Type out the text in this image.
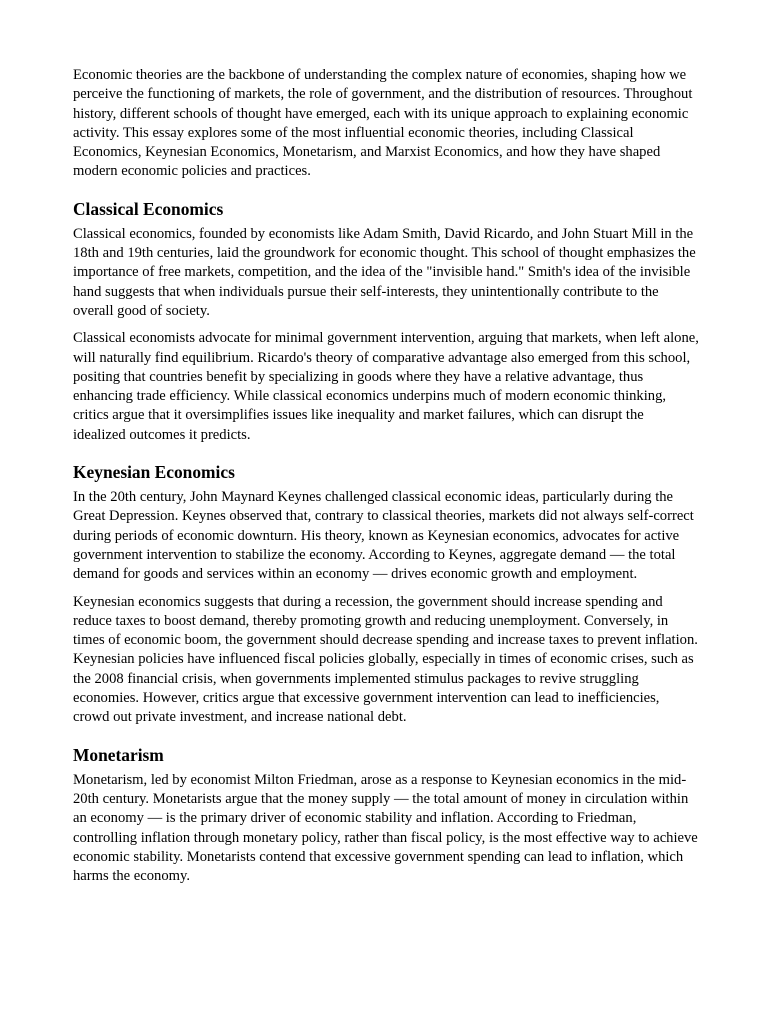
Economic theories are the backbone of understanding the complex nature of economies, shaping how we perceive the functioning of markets, the role of government, and the distribution of resources. Throughout history, different schools of thought have emerged, each with its unique approach to explaining economic activity. This essay explores some of the most influential economic theories, including Classical Economics, Keynesian Economics, Monetarism, and Marxist Economics, and how they have shaped modern economic policies and practices.

Classical Economics

Classical economics, founded by economists like Adam Smith, David Ricardo, and John Stuart Mill in the 18th and 19th centuries, laid the groundwork for economic thought. This school of thought emphasizes the importance of free markets, competition, and the idea of the "invisible hand." Smith's idea of the invisible hand suggests that when individuals pursue their self-interests, they unintentionally contribute to the overall good of society.

Classical economists advocate for minimal government intervention, arguing that markets, when left alone, will naturally find equilibrium. Ricardo's theory of comparative advantage also emerged from this school, positing that countries benefit by specializing in goods where they have a relative advantage, thus enhancing trade efficiency. While classical economics underpins much of modern economic thinking, critics argue that it oversimplifies issues like inequality and market failures, which can disrupt the idealized outcomes it predicts.

Keynesian Economics

In the 20th century, John Maynard Keynes challenged classical economic ideas, particularly during the Great Depression. Keynes observed that, contrary to classical theories, markets did not always self-correct during periods of economic downturn. His theory, known as Keynesian economics, advocates for active government intervention to stabilize the economy. According to Keynes, aggregate demand — the total demand for goods and services within an economy — drives economic growth and employment.

Keynesian economics suggests that during a recession, the government should increase spending and reduce taxes to boost demand, thereby promoting growth and reducing unemployment. Conversely, in times of economic boom, the government should decrease spending and increase taxes to prevent inflation. Keynesian policies have influenced fiscal policies globally, especially in times of economic crises, such as the 2008 financial crisis, when governments implemented stimulus packages to revive struggling economies. However, critics argue that excessive government intervention can lead to inefficiencies, crowd out private investment, and increase national debt.

Monetarism

Monetarism, led by economist Milton Friedman, arose as a response to Keynesian economics in the mid-20th century. Monetarists argue that the money supply — the total amount of money in circulation within an economy — is the primary driver of economic stability and inflation. According to Friedman, controlling inflation through monetary policy, rather than fiscal policy, is the most effective way to achieve economic stability. Monetarists contend that excessive government spending can lead to inflation, which harms the economy.
